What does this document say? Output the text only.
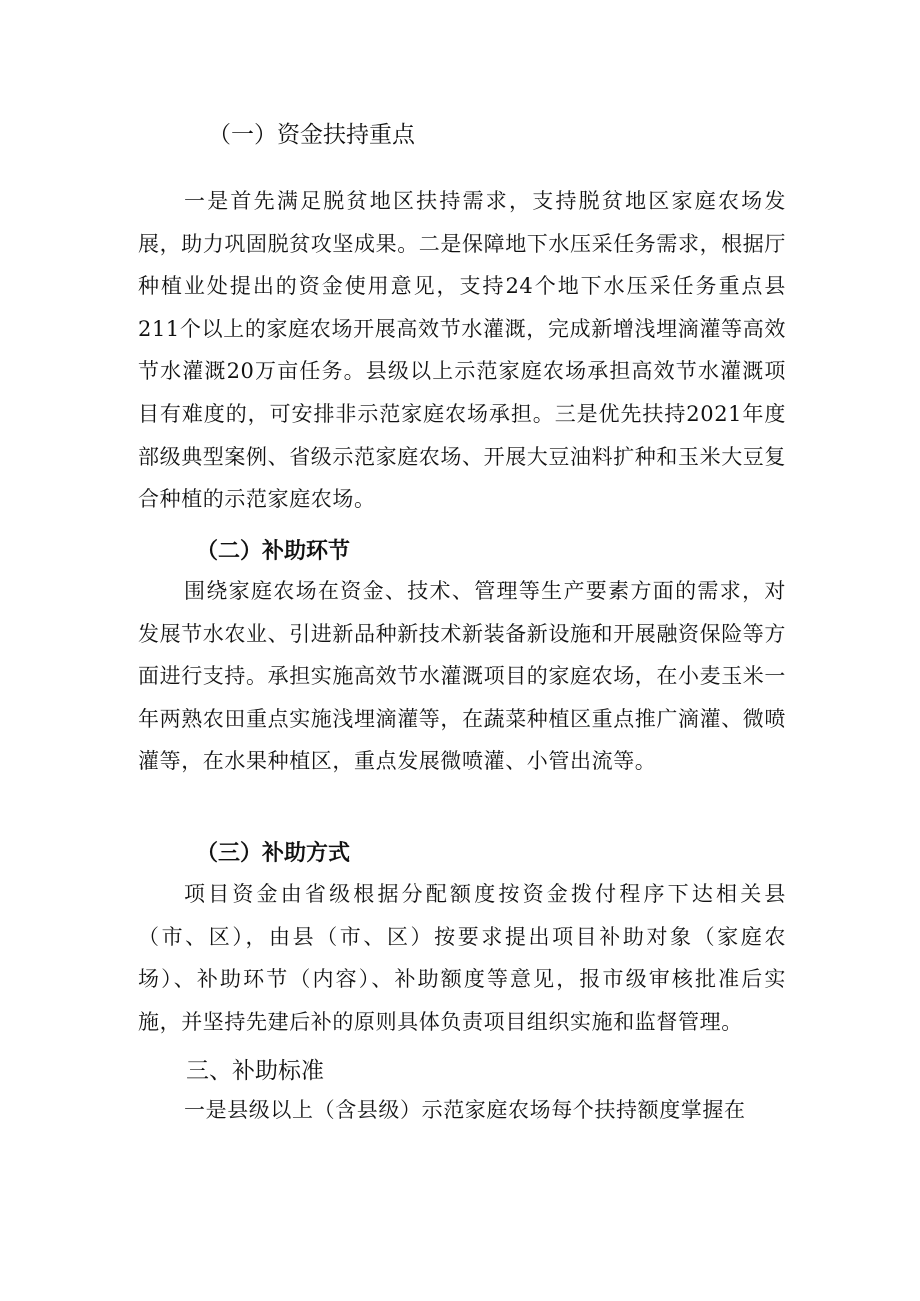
（一）资金扶持重点

一是首先满足脱贫地区扶持需求，支持脱贫地区家庭农场发展，助力巩固脱贫攻坚成果。二是保障地下水压采任务需求，根据厅种植业处提出的资金使用意见，支持24个地下水压采任务重点县211个以上的家庭农场开展高效节水灌溉，完成新增浅埋滴灌等高效节水灌溉20万亩任务。县级以上示范家庭农场承担高效节水灌溉项目有难度的，可安排非示范家庭农场承担。三是优先扶持2021年度部级典型案例、省级示范家庭农场、开展大豆油料扩种和玉米大豆复合种植的示范家庭农场。

（二）补助环节

围绕家庭农场在资金、技术、管理等生产要素方面的需求，对发展节水农业、引进新品种新技术新装备新设施和开展融资保险等方面进行支持。承担实施高效节水灌溉项目的家庭农场，在小麦玉米一年两熟农田重点实施浅埋滴灌等，在蔬菜种植区重点推广滴灌、微喷灌等，在水果种植区，重点发展微喷灌、小管出流等。

（三）补助方式

项目资金由省级根据分配额度按资金拨付程序下达相关县（市、区），由县（市、区）按要求提出项目补助对象（家庭农场）、补助环节（内容）、补助额度等意见，报市级审核批准后实施，并坚持先建后补的原则具体负责项目组织实施和监督管理。

三、补助标准

一是县级以上（含县级）示范家庭农场每个扶持额度掌握在
